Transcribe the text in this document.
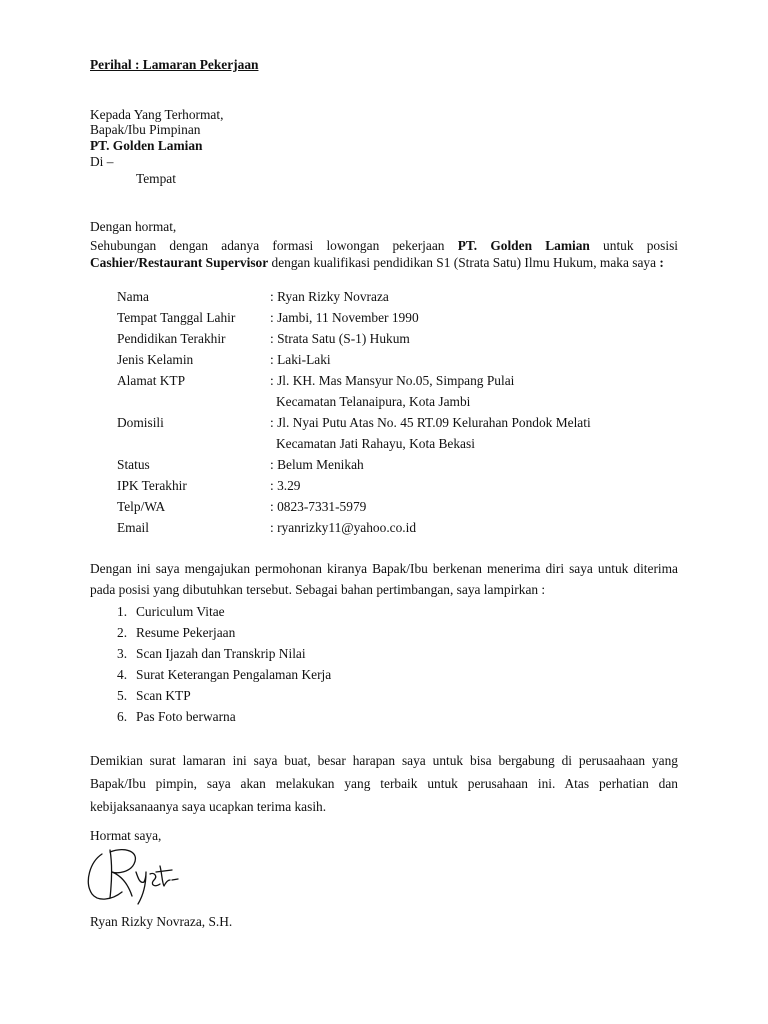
Perihal : Lamaran Pekerjaan
Kepada Yang Terhormat,
Bapak/Ibu Pimpinan
PT. Golden Lamian
Di –
Tempat
Dengan hormat,
Sehubungan dengan adanya formasi lowongan pekerjaan PT. Golden Lamian untuk posisi Cashier/Restaurant Supervisor dengan kualifikasi pendidikan S1 (Strata Satu) Ilmu Hukum, maka saya :
Nama	: Ryan Rizky Novraza
Tempat Tanggal Lahir	: Jambi, 11 November 1990
Pendidikan Terakhir	: Strata Satu (S-1) Hukum
Jenis Kelamin	: Laki-Laki
Alamat KTP	: Jl. KH. Mas Mansyur No.05, Simpang Pulai
Kecamatan Telanaipura, Kota Jambi
Domisili	: Jl. Nyai Putu Atas No. 45 RT.09 Kelurahan Pondok Melati
Kecamatan Jati Rahayu, Kota Bekasi
Status	: Belum Menikah
IPK Terakhir	: 3.29
Telp/WA	: 0823-7331-5979
Email	: ryanrizky11@yahoo.co.id
Dengan ini saya mengajukan permohonan kiranya Bapak/Ibu berkenan menerima diri saya untuk diterima pada posisi yang dibutuhkan tersebut. Sebagai bahan pertimbangan, saya lampirkan :
1. Curiculum Vitae
2. Resume Pekerjaan
3. Scan Ijazah dan Transkrip Nilai
4. Surat Keterangan Pengalaman Kerja
5. Scan KTP
6. Pas Foto berwarna
Demikian surat lamaran ini saya buat, besar harapan saya untuk bisa bergabung di perusaahaan yang Bapak/Ibu pimpin, saya akan melakukan yang terbaik untuk perusahaan ini. Atas perhatian dan kebijaksanaanya saya ucapkan terima kasih.
Hormat saya,
Ryan Rizky Novraza, S.H.
